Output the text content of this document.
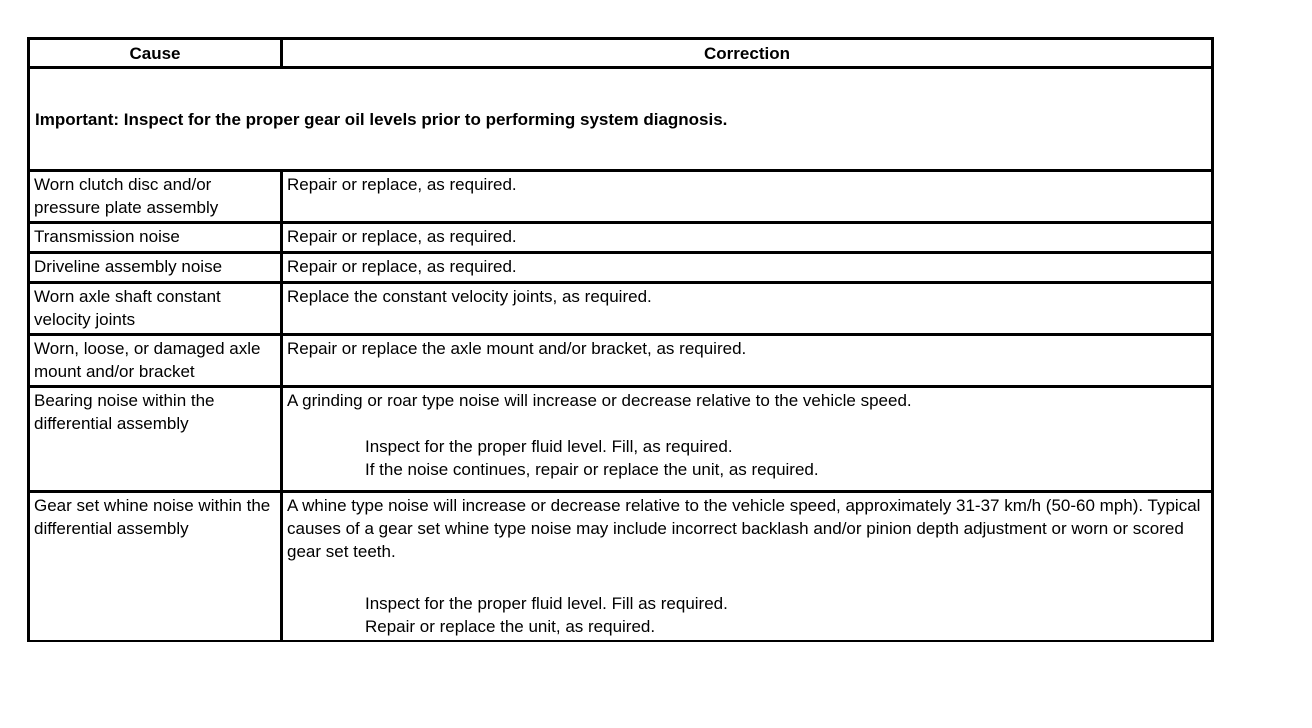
Cause	Correction
Important: Inspect for the proper gear oil levels prior to performing system diagnosis.	
Worn clutch disc and/or pressure plate assembly	Repair or replace, as required.
Transmission noise	Repair or replace, as required.
Driveline assembly noise	Repair or replace, as required.
Worn axle shaft constant velocity joints	Replace the constant velocity joints, as required.
Worn, loose, or damaged axle mount and/or bracket	Repair or replace the axle mount and/or bracket, as required.
Bearing noise within the differential assembly	A grinding or roar type noise will increase or decrease relative to the vehicle speed.
Inspect for the proper fluid level. Fill, as required.
If the noise continues, repair or replace the unit, as required.

Gear set whine noise within the differential assembly	A whine type noise will increase or decrease relative to the vehicle speed, approximately 31-37 km/h (50-60 mph). Typical causes of a gear set whine type noise may include incorrect backlash and/or pinion depth adjustment or worn or scored gear set teeth.
Inspect for the proper fluid level. Fill as required.
Repair or replace the unit, as required.
